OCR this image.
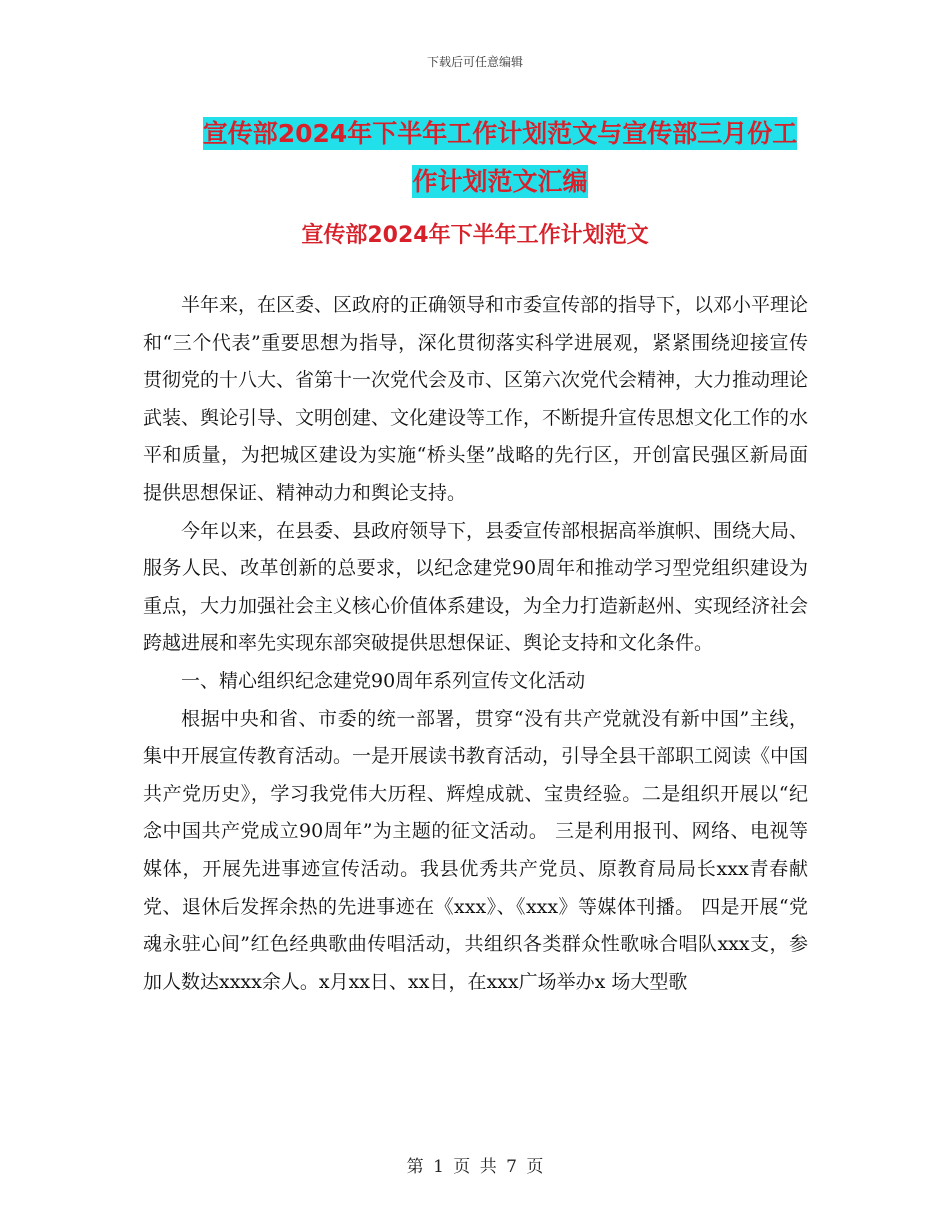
下载后可任意编辑
宣传部2024年下半年工作计划范文与宣传部三月份工
作计划范文汇编
宣传部2024年下半年工作计划范文

半年来，在区委、区政府的正确领导和市委宣传部的指导下，以邓小平理论和“三个代表”重要思想为指导，深化贯彻落实科学进展观，紧紧围绕迎接宣传贯彻党的十八大、省第十一次党代会及市、区第六次党代会精神，大力推动理论武装、舆论引导、文明创建、文化建设等工作，不断提升宣传思想文化工作的水平和质量，为把城区建设为实施“桥头堡”战略的先行区，开创富民强区新局面提供思想保证、精神动力和舆论支持。

今年以来，在县委、县政府领导下，县委宣传部根据高举旗帜、围绕大局、服务人民、改革创新的总要求，以纪念建党90周年和推动学习型党组织建设为重点，大力加强社会主义核心价值体系建设，为全力打造新赵州、实现经济社会跨越进展和率先实现东部突破提供思想保证、舆论支持和文化条件。

一、精心组织纪念建党90周年系列宣传文化活动

根据中央和省、市委的统一部署，贯穿“没有共产党就没有新中国”主线，集中开展宣传教育活动。一是开展读书教育活动，引导全县干部职工阅读《中国共产党历史》，学习我党伟大历程、辉煌成就、宝贵经验。二是组织开展以“纪念中国共产党成立90周年”为主题的征文活动。 三是利用报刊、网络、电视等媒体，开展先进事迹宣传活动。我县优秀共产党员、原教育局局长xxx青春献党、退休后发挥余热的先进事迹在《xxx》、《xxx》等媒体刊播。 四是开展“党魂永驻心间”红色经典歌曲传唱活动，共组织各类群众性歌咏合唱队xxx支，参加人数达xxxx余人。x月xx日、xx日，在xxx广场举办x 场大型歌

第 1 页 共 7 页
